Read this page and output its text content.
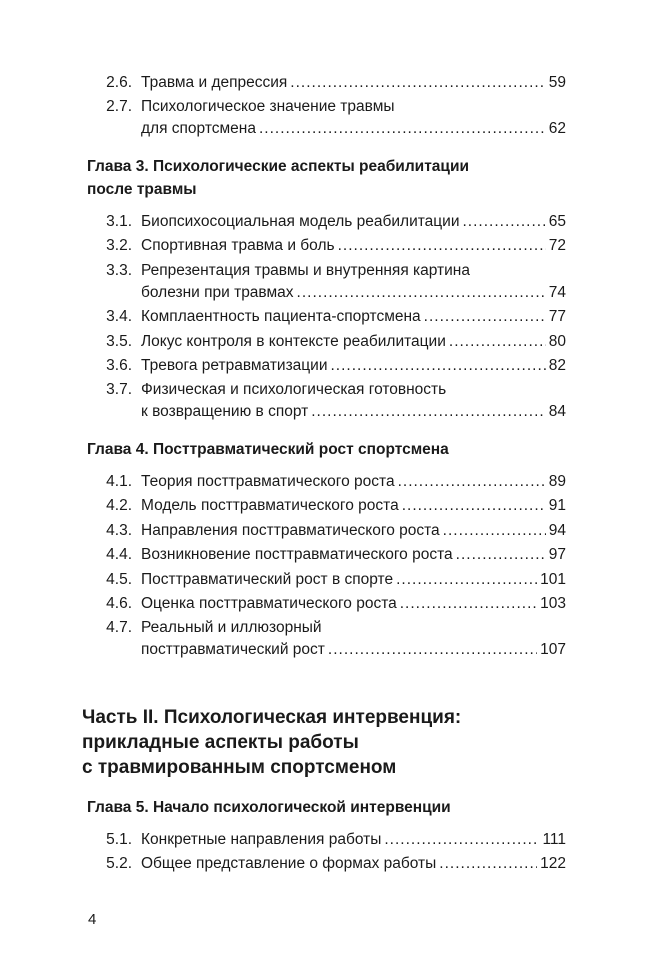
4
2.6. Травма и депрессия .....	59
2.7. Психологическое значение травмы
для спортсмена .....	62
Глава 3. Психологические аспекты реабилитации
после травмы
3.1. Биопсихосоциальная модель реабилитации .....	65
3.2. Спортивная травма и боль .....	72
3.3. Репрезентация травмы и внутренняя картина
болезни при травмах .....	74
3.4. Комплаентность пациента-спортсмена .....	77
3.5. Локус контроля в контексте реабилитации .....	80
3.6. Тревога ретравматизации .....	82
3.7. Физическая и психологическая готовность
к возвращению в спорт .....	84
Глава 4. Посттравматический рост спортсмена
4.1. Теория посттравматического роста .....	89
4.2. Модель посттравматического роста .....	91
4.3. Направления посттравматического роста .....	94
4.4. Возникновение посттравматического роста .....	97
4.5. Посттравматический рост в спорте .....	101
4.6. Оценка посттравматического роста .....	103
4.7. Реальный и иллюзорный
посттравматический рост .....	107
Часть II. Психологическая интервенция:
прикладные аспекты работы
с травмированным спортсменом
Глава 5. Начало психологической интервенции
5.1. Конкретные направления работы .....	111
5.2. Общее представление о формах работы .....	122
